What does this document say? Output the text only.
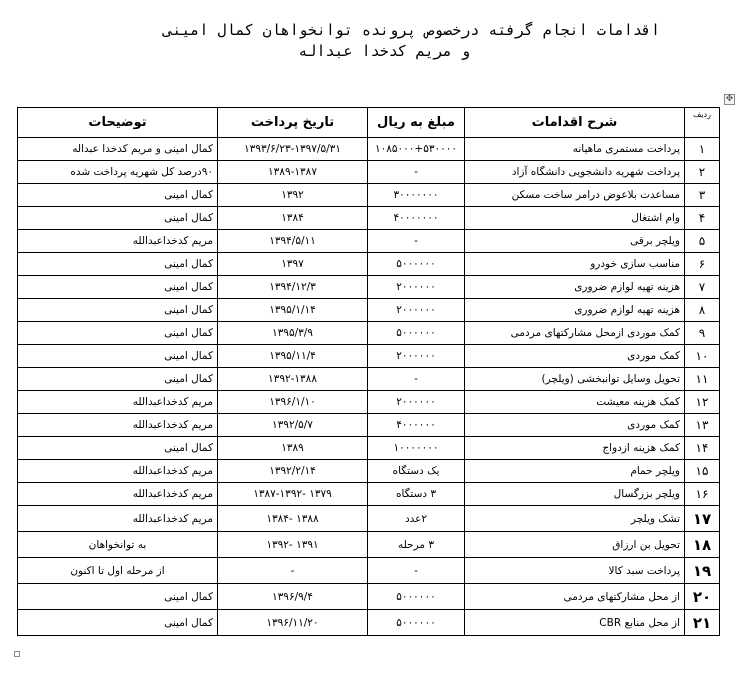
اقدامات انجام گرفته درخصوص پرونده توانخواهان کمال امینی
و مریم کدخدا عبداله
✥
ردیف	شرح اقدامات	مبلغ به ریال	تاریخ پرداخت	توضیحات
۱	پرداخت مستمری ماهیانه	۱۰۸۵۰۰۰+۵۳۰۰۰۰	۱۳۹۳/۶/۲۳-۱۳۹۷/۵/۳۱	کمال امینی و مریم کدخدا عبداله
۲	پرداخت شهریه دانشجویی دانشگاه آزاد	-	۱۳۸۹-۱۳۸۷	۹۰درصد کل شهریه پرداخت شده
۳	مساعدت بلاعوض درامر ساخت مسکن	۳۰۰۰۰۰۰۰	۱۳۹۲	کمال امینی
۴	وام اشتغال	۴۰۰۰۰۰۰۰	۱۳۸۴	کمال امینی
۵	ویلچر برقی	-	۱۳۹۴/۵/۱۱	مریم کدخداعبدالله
۶	مناسب سازی خودرو	۵۰۰۰۰۰۰	۱۳۹۷	کمال امینی
۷	هزینه تهیه لوازم ضروری	۲۰۰۰۰۰۰	۱۳۹۴/۱۲/۳	کمال امینی
۸	هزینه تهیه لوازم ضروری	۲۰۰۰۰۰۰	۱۳۹۵/۱/۱۴	کمال امینی
۹	کمک موردی ازمحل مشارکتهای مردمی	۵۰۰۰۰۰۰	۱۳۹۵/۳/۹	کمال امینی
۱۰	کمک موردی	۲۰۰۰۰۰۰	۱۳۹۵/۱۱/۴	کمال امینی
۱۱	تحویل وسایل توانبخشی (ویلچر)	-	۱۳۹۲-۱۳۸۸	کمال امینی
۱۲	کمک هزینه معیشت	۲۰۰۰۰۰۰	۱۳۹۶/۱/۱۰	مریم کدخداعبدالله
۱۳	کمک موردی	۴۰۰۰۰۰۰	۱۳۹۲/۵/۷	مریم کدخداعبدالله
۱۴	کمک هزینه ازدواج	۱۰۰۰۰۰۰۰	۱۳۸۹	کمال امینی
۱۵	ویلچر حمام	یک دستگاه	۱۳۹۲/۲/۱۴	مریم کدخداعبدالله
۱۶	ویلچر بزرگسال	۳ دستگاه	۱۳۷۹ -۱۳۸۷-۱۳۹۲	مریم کدخداعبدالله
۱۷	تشک ویلچر	۲عدد	۱۳۸۸ -۱۳۸۴	مریم کدخداعبدالله
۱۸	تحویل بن ارزاق	۳ مرحله	۱۳۹۱ -۱۳۹۲	به توانخواهان
۱۹	پرداخت سبد کالا	-	-	از مرحله اول تا اکنون
۲۰	از محل مشارکتهای مردمی	۵۰۰۰۰۰۰	۱۳۹۶/۹/۴	کمال امینی
۲۱	از محل منابع CBR	۵۰۰۰۰۰۰	۱۳۹۶/۱۱/۲۰	کمال امینی
